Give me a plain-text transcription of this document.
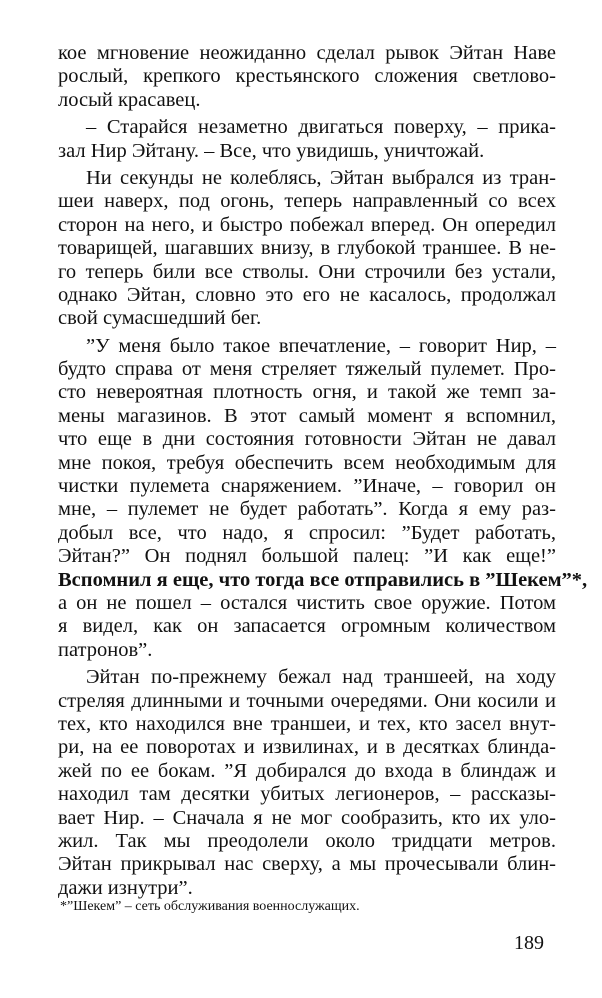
кое мгновение неожиданно сделал рывок Эйтан Наве
рослый, крепкого крестьянского сложения светлово-
лосый красавец.
– Старайся незаметно двигаться поверху, – прика-
зал Нир Эйтану. – Все, что увидишь, уничтожай.
Ни секунды не колеблясь, Эйтан выбрался из тран-
шеи наверх, под огонь, теперь направленный со всех
сторон на него, и быстро побежал вперед. Он опередил
товарищей, шагавших внизу, в глубокой траншее. В не-
го теперь били все стволы. Они строчили без устали,
однако Эйтан, словно это его не касалось, продолжал
свой сумасшедший бег.
”У меня было такое впечатление, – говорит Нир, –
будто справа от меня стреляет тяжелый пулемет. Про-
сто невероятная плотность огня, и такой же темп за-
мены магазинов. В этот самый момент я вспомнил,
что еще в дни состояния готовности Эйтан не давал
мне покоя, требуя обеспечить всем необходимым для
чистки пулемета снаряжением. ”Иначе, – говорил он
мне, – пулемет не будет работать”. Когда я ему раз-
добыл все, что надо, я спросил: ”Будет работать,
Эйтан?” Он поднял большой палец: ”И как еще!”
Вспомнил я еще, что тогда все отправились в ”Шекем”*,
а он не пошел – остался чистить свое оружие. Потом
я видел, как он запасается огромным количеством
патронов”.
Эйтан по-прежнему бежал над траншеей, на ходу
стреляя длинными и точными очередями. Они косили и
тех, кто находился вне траншеи, и тех, кто засел внут-
ри, на ее поворотах и извилинах, и в десятках блинда-
жей по ее бокам. ”Я добирался до входа в блиндаж и
находил там десятки убитых легионеров, – рассказы-
вает Нир. – Сначала я не мог сообразить, кто их уло-
жил. Так мы преодолели около тридцати метров.
Эйтан прикрывал нас сверху, а мы прочесывали блин-
дажи изнутри”.
*”Шекем” – сеть обслуживания военнослужащих.
189
